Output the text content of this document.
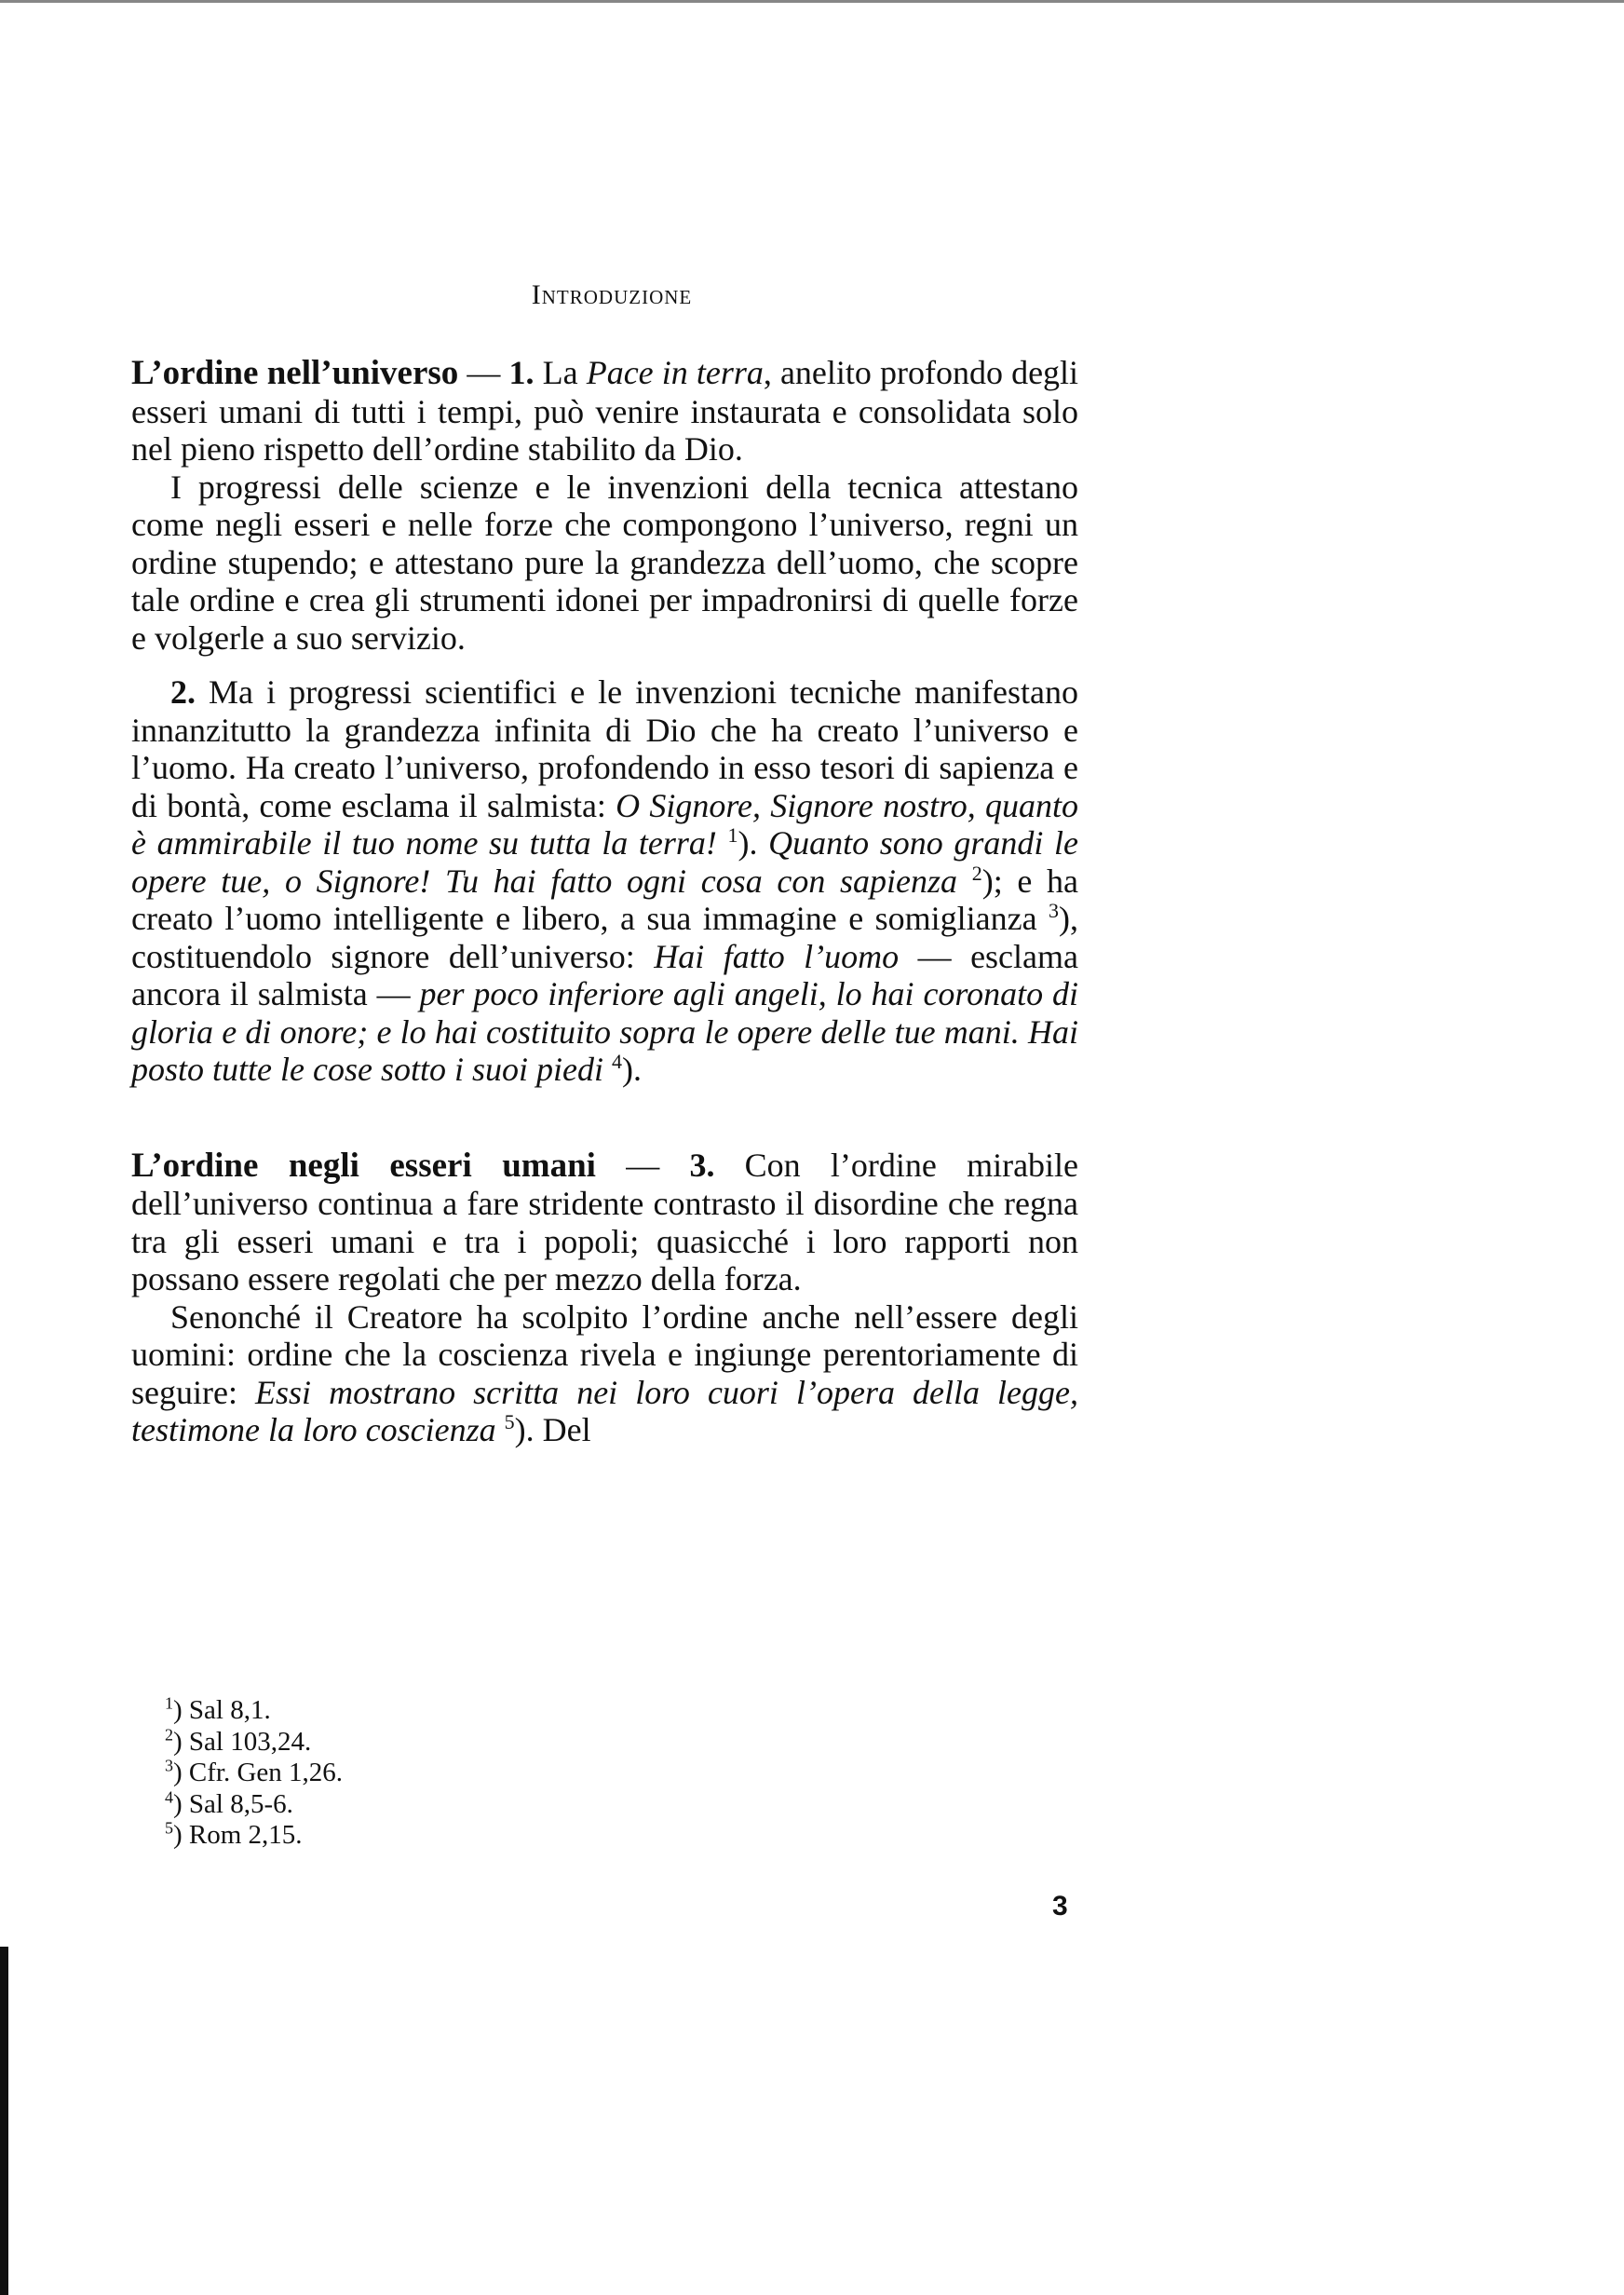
Introduzione

L’ordine nell’universo — 1. La Pace in terra, anelito profondo degli esseri umani di tutti i tempi, può venire instaurata e consolidata solo nel pieno rispetto dell’ordine stabilito da Dio.

I progressi delle scienze e le invenzioni della tecnica attestano come negli esseri e nelle forze che compongono l’universo, regni un ordine stupendo; e attestano pure la grandezza dell’uomo, che scopre tale ordine e crea gli strumenti idonei per impadronirsi di quelle forze e volgerle a suo servizio.

2. Ma i progressi scientifici e le invenzioni tecniche manifestano innanzitutto la grandezza infinita di Dio che ha creato l’universo e l’uomo. Ha creato l’universo, profondendo in esso tesori di sapienza e di bontà, come esclama il salmista: O Signore, Signore nostro, quanto è ammirabile il tuo nome su tutta la terra! $^1$). Quanto sono grandi le opere tue, o Signore! Tu hai fatto ogni cosa con sapienza $^2$); e ha creato l’uomo intelligente e libero, a sua immagine e somiglianza $^3$), costituendolo signore dell’universo: Hai fatto l’uomo — esclama ancora il salmista — per poco inferiore agli angeli, lo hai coronato di gloria e di onore; e lo hai costituito sopra le opere delle tue mani. Hai posto tutte le cose sotto i suoi piedi $^4$).

L’ordine negli esseri umani — 3. Con l’ordine mirabile dell’universo continua a fare stridente contrasto il disordine che regna tra gli esseri umani e tra i popoli; quasicché i loro rapporti non possano essere regolati che per mezzo della forza.

Senonché il Creatore ha scolpito l’ordine anche nell’essere degli uomini: ordine che la coscienza rivela e ingiunge perentoriamente di seguire: Essi mostrano scritta nei loro cuori l’opera della legge, testimone la loro coscienza $^5$). Del

$^1$) Sal 8,1.
$^2$) Sal 103,24.
$^3$) Cfr. Gen 1,26.
$^4$) Sal 8,5-6.
$^5$) Rom 2,15.
3
